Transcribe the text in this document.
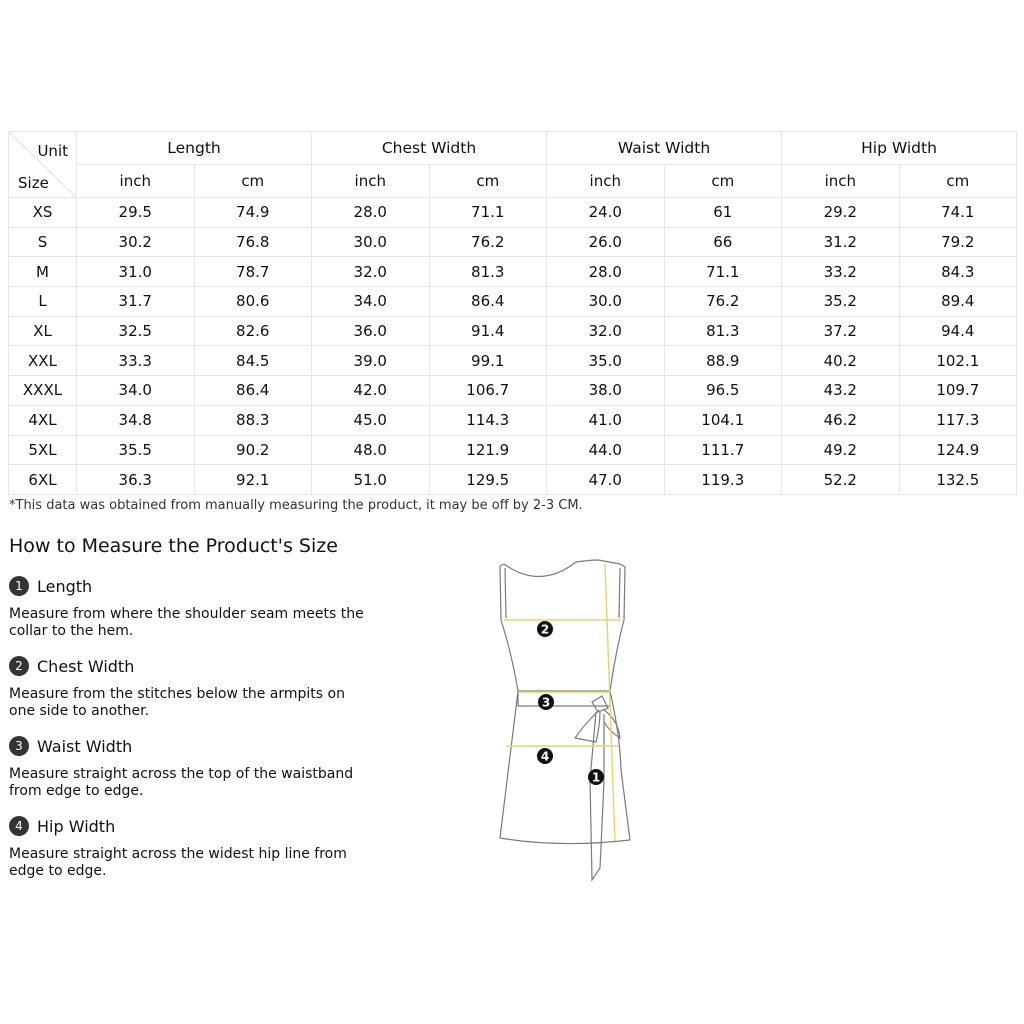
Unit
Size	Length		Chest Width		Waist Width		Hip Width	
	inch	cm	inch	cm	inch	cm	inch	cm
XS	29.5	74.9	28.0	71.1	24.0	61	29.2	74.1
S	30.2	76.8	30.0	76.2	26.0	66	31.2	79.2
M	31.0	78.7	32.0	81.3	28.0	71.1	33.2	84.3
L	31.7	80.6	34.0	86.4	30.0	76.2	35.2	89.4
XL	32.5	82.6	36.0	91.4	32.0	81.3	37.2	94.4
XXL	33.3	84.5	39.0	99.1	35.0	88.9	40.2	102.1
XXXL	34.0	86.4	42.0	106.7	38.0	96.5	43.2	109.7
4XL	34.8	88.3	45.0	114.3	41.0	104.1	46.2	117.3
5XL	35.5	90.2	48.0	121.9	44.0	111.7	49.2	124.9
6XL	36.3	92.1	51.0	129.5	47.0	119.3	52.2	132.5

*This data was obtained from manually measuring the product, it may be off by 2-3 CM.

How to Measure the Product's Size
1 Length

Measure from where the shoulder seam meets the collar to the hem.

2 Chest Width

Measure from the stitches below the armpits on one side to another.

3 Waist Width

Measure straight across the top of the waistband from edge to edge.

4 Hip Width

Measure straight across the widest hip line from edge to edge.

2
3
4
1
